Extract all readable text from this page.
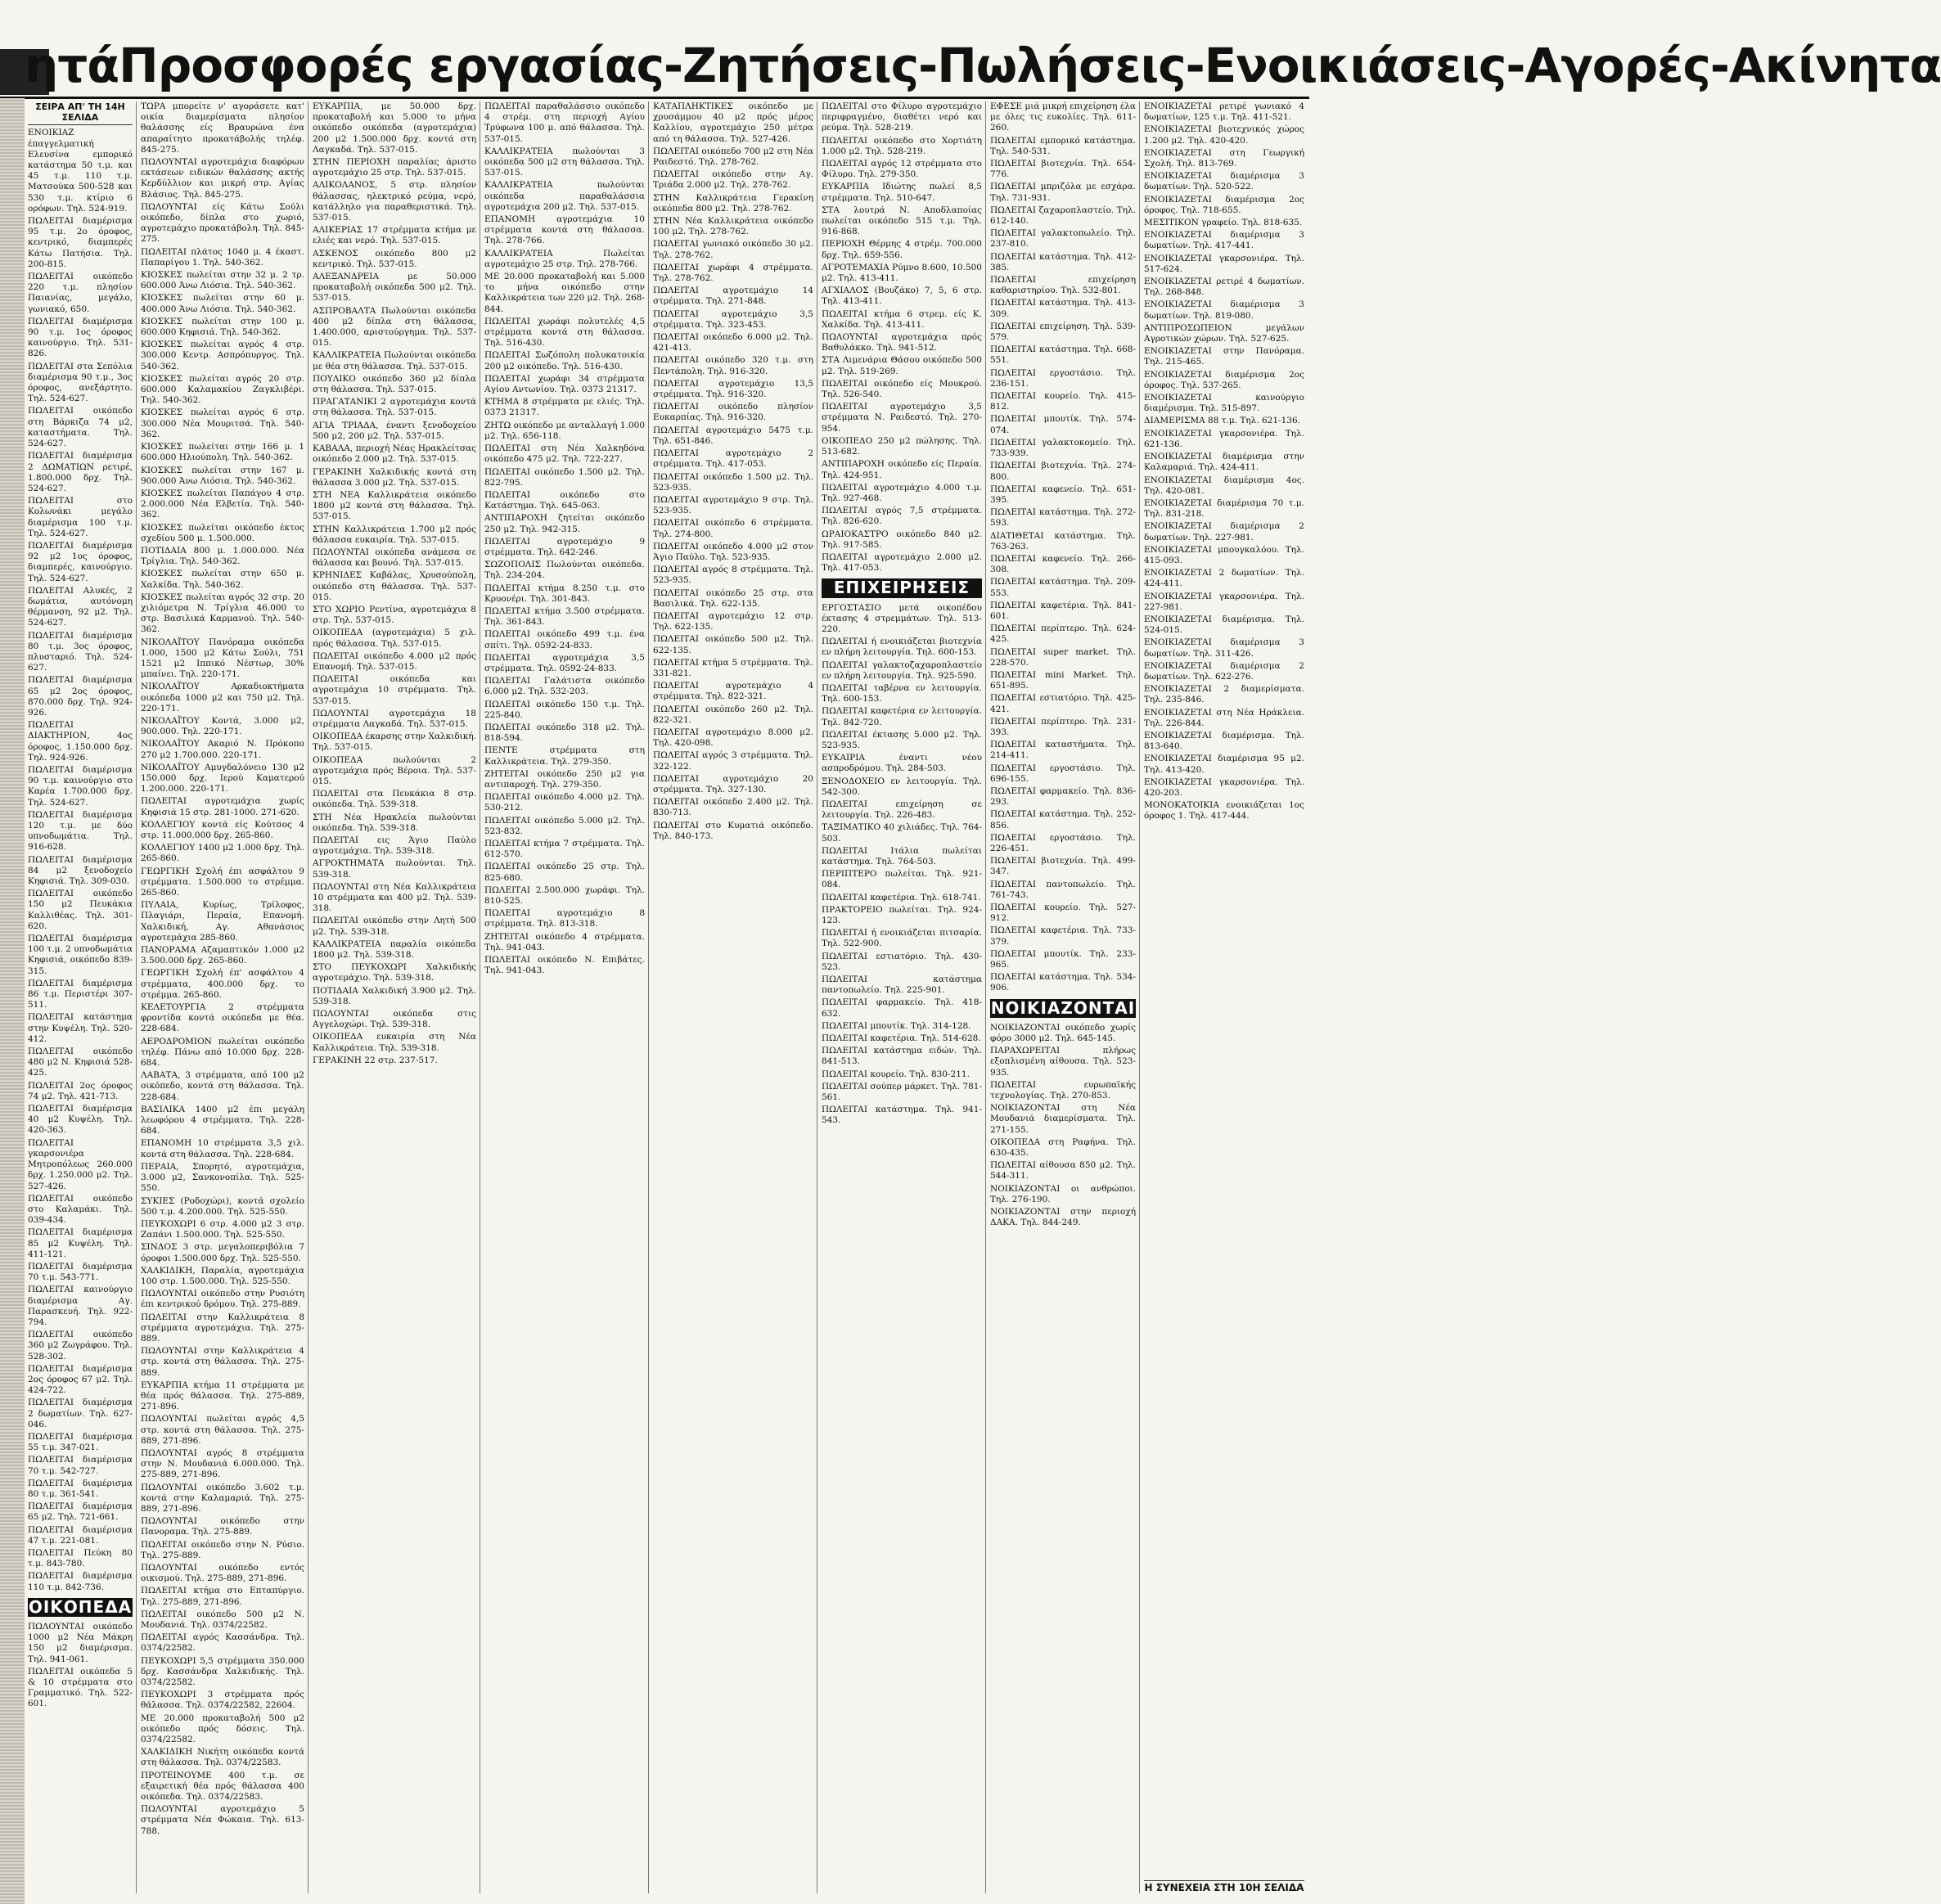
ητάΠροσφορές εργασίας-Ζητήσεις-Πωλήσεις-Ενοικιάσεις-Αγορές-Ακίνητα
ΣΕΙΡΑ ΑΠ' ΤΗ 14Η ΣΕΛΙΔΑ

ΕΝΟΙΚΙΑΖ έπαγγελματική Ελευσίνα εμπορικό κατάστημα 50 τ.μ. και 45 τ.μ. 110 τ.μ. Ματσούκα 500-528 και 530 τ.μ. κτίριο 6 ορόφων. Τηλ. 524-919.

ΠΩΛΕΙΤΑΙ διαμέρισμα 95 τ.μ. 2ο όροφος, κεντρικό, διαμπερές Κάτω Πατήσια. Τηλ. 200-815.

ΠΩΛΕΙΤΑΙ οικόπεδο 220 τ.μ. πλησίον Παιανίας, μεγάλο, γωνιακό, 650.

ΠΩΛΕΙΤΑΙ διαμέρισμα 90 τ.μ. 1ος όροφος καινούργιο. Τηλ. 531-826.

ΠΩΛΕΙΤΑΙ στα Σεπόλια διαμέρισμα 90 τ.μ., 3ος όροφος, ανεξάρτητο. Τηλ. 524-627.

ΠΩΛΕΙΤΑΙ οικόπεδο στη Βάρκιζα 74 μ2, καταστήματα. Τηλ. 524-627.

ΠΩΛΕΙΤΑΙ διαμέρισμα 2 ΔΩΜΑΤΙΩΝ ρετιρέ, 1.800.000 δρχ. Τηλ. 524-627.

ΠΩΛΕΙΤΑΙ στο Κολωνάκι μεγάλο διαμέρισμα 100 τ.μ. Τηλ. 524-627.

ΠΩΛΕΙΤΑΙ διαμέρισμα 92 μ2 1ος όροφος, διαμπερές, καινούργιο. Τηλ. 524-627.

ΠΩΛΕΙΤΑΙ Αλυκές, 2 δωμάτια, αυτόνομη θέρμανση, 92 μ2. Τηλ. 524-627.

ΠΩΛΕΙΤΑΙ διαμέρισμα 80 τ.μ. 3ος όροφος, πλυσταριό. Τηλ. 524-627.

ΠΩΛΕΙΤΑΙ διαμέρισμα 65 μ2 2ος όροφος, 870.000 δρχ. Τηλ. 924-926.

ΠΩΛΕΙΤΑΙ ΔΙΑΚΤΗΡΙΟΝ, 4ος όροφος, 1.150.000 δρχ. Τηλ. 924-926.

ΠΩΛΕΙΤΑΙ διαμέρισμα 90 τ.μ. καινούργιο στο Καρέα 1.700.000 δρχ. Τηλ. 524-627.

ΠΩΛΕΙΤΑΙ διαμέρισμα 120 τ.μ. με δύο υπνοδωμάτια. Τηλ. 916-628.

ΠΩΛΕΙΤΑΙ διαμέρισμα 84 μ2 ξενοδοχείο Κηφισιά. Τηλ. 309-030.

ΠΩΛΕΙΤΑΙ οικόπεδο 150 μ2 Πευκάκια Καλλιθέας. Τηλ. 301-620.

ΠΩΛΕΙΤΑΙ διαμέρισμα 100 τ.μ. 2 υπνοδωμάτια Κηφισιά, οικόπεδο 839-315.

ΠΩΛΕΙΤΑΙ διαμέρισμα 86 τ.μ. Περιστέρι 307-511.

ΠΩΛΕΙΤΑΙ κατάστημα στην Κυψέλη. Τηλ. 520-412.

ΠΩΛΕΙΤΑΙ οικόπεδο 480 μ2 Ν. Κηφισιά 528-425.

ΠΩΛΕΙΤΑΙ 2ος όροφος 74 μ2. Τηλ. 421-713.

ΠΩΛΕΙΤΑΙ διαμέρισμα 40 μ2 Κυψέλη. Τηλ. 420-363.

ΠΩΛΕΙΤΑΙ γκαρσονιέρα Μητροπόλεως 260.000 δρχ. 1.250.000 μ2. Τηλ. 527-426.

ΠΩΛΕΙΤΑΙ οικόπεδο στο Καλαμάκι. Τηλ. 039-434.

ΠΩΛΕΙΤΑΙ διαμέρισμα 85 μ2 Κυψέλη. Τηλ. 411-121.

ΠΩΛΕΙΤΑΙ διαμέρισμα 70 τ.μ. 543-771.

ΠΩΛΕΙΤΑΙ καινούργιο διαμέρισμα Αγ. Παρασκευή. Τηλ. 922-794.

ΠΩΛΕΙΤΑΙ οικόπεδο 360 μ2 Ζωγράφου. Τηλ. 528-302.

ΠΩΛΕΙΤΑΙ διαμέρισμα 2ος όροφος 67 μ2. Τηλ. 424-722.

ΠΩΛΕΙΤΑΙ διαμέρισμα 2 δωματίων. Τηλ. 627-046.

ΠΩΛΕΙΤΑΙ διαμέρισμα 55 τ.μ. 347-021.

ΠΩΛΕΙΤΑΙ διαμέρισμα 70 τ.μ. 542-727.

ΠΩΛΕΙΤΑΙ διαμέρισμα 80 τ.μ. 361-541.

ΠΩΛΕΙΤΑΙ διαμέρισμα 65 μ2. Τηλ. 721-661.

ΠΩΛΕΙΤΑΙ διαμέρισμα 47 τ.μ. 221-081.

ΠΩΛΕΙΤΑΙ Πεύκη 80 τ.μ. 843-780.

ΠΩΛΕΙΤΑΙ διαμέρισμα 110 τ.μ. 842-736.

ΟΙΚΟΠΕΔΑ

ΠΩΛΟΥΝΤΑΙ οικόπεδο 1000 μ2 Νέα Μάκρη 150 μ2 διαμέρισμα. Τηλ. 941-061.

ΠΩΛΕΙΤΑΙ οικόπεδα 5 & 10 στρέμματα στο Γραμματικό. Τηλ. 522-601.

ΤΩΡΑ μπορείτε ν' αγοράσετε κατ' οικία διαμερίσματα πλησίον θαλάσσης είς Βραυρώνα ένα απαραίτητο προκατάβολής τηλέφ. 845-275.

ΠΩΛΟΥΝΤΑΙ αγροτεμάχια διαφόρων εκτάσεων ειδικών θαλάσσης ακτής Κερδύλλιον και μικρή στρ. Αγίας Βλάσιος. Τηλ. 845-275.

ΠΩΛΟΥΝΤΑΙ είς Κάτω Σούλι οικόπεδο, δίπλα στο χωριό, αγροτεμάχιο προκατάβολη. Τηλ. 845-275.

ΠΩΛΕΙΤΑΙ πλάτος 1040 μ. 4 έκαστ. Παπαρίγου 1. Τηλ. 540-362.

ΚΙΟΣΚΕΣ πωλείται στην 32 μ. 2 τρ. 600.000 Άνω Λιόσια. Τηλ. 540-362.

ΚΙΟΣΚΕΣ πωλείται στην 60 μ. 400.000 Άνω Λιόσια. Τηλ. 540-362.

ΚΙΟΣΚΕΣ πωλείται στην 100 μ. 600.000 Κηφισιά. Τηλ. 540-362.

ΚΙΟΣΚΕΣ πωλείται αγρός 4 στρ. 300.000 Κεντρ. Ασπρόπυργος. Τηλ. 540-362.

ΚΙΟΣΚΕΣ πωλείται αγρός 20 στρ. 600.000 Καλαμακίου Ζαγκλιβέρι. Τηλ. 540-362.

ΚΙΟΣΚΕΣ πωλείται αγρός 6 στρ. 300.000 Νέα Μουριτσά. Τηλ. 540-362.

ΚΙΟΣΚΕΣ πωλείται στην 166 μ. 1 600.000 Ηλιούπολη. Τηλ. 540-362.

ΚΙΟΣΚΕΣ πωλείται στην 167 μ. 900.000 Άνω Λιόσια. Τηλ. 540-362.

ΚΙΟΣΚΕΣ πωλείται Παπάγου 4 στρ. 2.000.000 Νέα Ελβετία. Τηλ. 540-362.

ΚΙΟΣΚΕΣ πωλείται οικόπεδο έκτος σχεδίου 500 μ. 1.500.000.

ΠΟΤΙΔΑΙΑ 800 μ. 1.000.000. Νέα Τρίγλια. Τηλ. 540-362.

ΚΙΟΣΚΕΣ πωλείται στην 650 μ. Χαλκίδα. Τηλ. 540-362.

ΚΙΟΣΚΕΣ πωλείται αγρός 32 στρ. 20 χιλιόμετρα Ν. Τρίγλια 46.000 το στρ. Βασιλικά Καρμανού. Τηλ. 540-362.

ΝΙΚΟΛΑΪΤΟΥ Πανόραμα οικόπεδα 1.000, 1500 μ2 Κάτω Σούλι, 751 1521 μ2 Ιππικό Νέστωρ, 30% μπαίνει. Τηλ. 220-171.

ΝΙΚΟΛΑΪΤΟΥ Αρκαδιοκτήματα οικόπεδα 1000 μ2 και 750 μ2. Τηλ. 220-171.

ΝΙΚΟΛΑΪΤΟΥ Κοντά, 3.000 μ2, 900.000. Τηλ. 220-171.

ΝΙΚΟΛΑΪΤΟΥ Ακαριό Ν. Πρόκοπο 270 μ2 1.700.000. 220-171.

ΝΙΚΟΛΑΪΤΟΥ Αμυγδαλόνειο 130 μ2 150.000 δρχ. Ιερού Καματερού 1.200.000. 220-171.

ΠΩΛΕΙΤΑΙ αγροτεμάχια χωρίς Κηφισιά 15 στρ. 281-1000. 271-620.

ΚΟΛΛΕΓΙΟΥ κοντά είς Κούτσος 4 στρ. 11.000.000 δρχ. 265-860.

ΚΟΛΛΕΓΙΟΥ 1400 μ2 1.000 δρχ. Τηλ. 265-860.

ΓΕΩΡΓΙΚΗ Σχολή έπι ασφάλτου 9 στρέμματα. 1.500.000 το στρέμμα. 265-860.

ΠΥΛΑΙΑ, Κυρίως, Τρίλοφος, Πλαγιάρι, Περαία, Επανομή. Χαλκιδική, Αγ. Αθανάσιος αγροτεμάχια 285-860.

ΠΑΝΟΡΑΜΑ Αζαμαπτικόν 1.000 μ2 3.500.000 δρχ. 265-860.

ΓΕΩΡΓΙΚΗ Σχολή έπ' ασφάλτου 4 στρέμματα, 400.000 δρχ. το στρέμμα. 265-860.

ΚΕΛΕΤΟΥΡΓΙΑ 2 στρέμματα φροντίδα κοντά οικόπεδα με θέα. 228-684.

ΑΕΡΟΔΡΟΜΙΟΝ πωλείται οικόπεδο τηλέφ. Πάνω από 10.000 δρχ. 228-684.

ΛΑΒΑΤΑ, 3 στρέμματα, από 100 μ2 οικόπεδο, κοντά στη θάλασσα. Τηλ. 228-684.

ΒΑΣΙΛΙΚΑ 1400 μ2 έπι μεγάλη λεωφόρου 4 στρέμματα. Τηλ. 228-684.

ΕΠΑΝΟΜΗ 10 στρέμματα 3,5 χιλ. κοντά στη θάλασσα. Τηλ. 228-684.

ΠΕΡΑΙΑ, Σπορητό, αγροτεμάχια, 3.000 μ2, Σανκονοπίλα. Τηλ. 525-550.

ΣΥΚΙΕΣ (Ροδοχώρι), κοντά σχολείο 500 τ.μ. 4.200.000. Τηλ. 525-550.

ΠΕΥΚΟΧΩΡΙ 6 στρ. 4.000 μ2 3 στρ. Ζαπάνι 1.500.000. Τηλ. 525-550.

ΣΙΝΔΟΣ 3 στρ. μεγαλοπεριβόλια 7 όροφοι 1.500.000 δρχ. Τηλ. 525-550.

ΧΑΛΚΙΔΙΚΗ, Παραλία, αγροτεμάχια 100 στρ. 1.500.000. Τηλ. 525-550.

ΠΩΛΟΥΝΤΑΙ οικόπεδο στην Ρυσιότη έπι κεντρικού δρόμου. Τηλ. 275-889.

ΠΩΛΕΙΤΑΙ στην Καλλικράτεια 8 στρέμματα αγροτεμάχια. Τηλ. 275-889.

ΠΩΛΟΥΝΤΑΙ στην Καλλικράτεια 4 στρ. κοντά στη θάλασσα. Τηλ. 275-889.

ΕΥΚΑΡΠΙΑ κτήμα 11 στρέμματα με θέα πρός θάλασσα. Τηλ. 275-889, 271-896.

ΠΩΛΟΥΝΤΑΙ πωλείται αγρός 4,5 στρ. κοντά στη θάλασσα. Τηλ. 275-889, 271-896.

ΠΩΛΟΥΝΤΑΙ αγρός 8 στρέμματα στην Ν. Μουδανιά 6.000.000. Τηλ. 275-889, 271-896.

ΠΩΛΟΥΝΤΑΙ οικόπεδο 3.602 τ.μ. κοντά στην Καλαμαριά. Τηλ. 275-889, 271-896.

ΠΩΛΟΥΝΤΑΙ οικόπεδο στην Πανοραμα. Τηλ. 275-889.

ΠΩΛΕΙΤΑΙ οικόπεδο στην Ν. Ρύσιο. Τηλ. 275-889.

ΠΩΛΟΥΝΤΑΙ οικόπεδο εντός οικισμού. Τηλ. 275-889, 271-896.

ΠΩΛΕΙΤΑΙ κτήμα στο Επταπύργιο. Τηλ. 275-889, 271-896.

ΠΩΛΕΙΤΑΙ οικόπεδο 500 μ2 Ν. Μουδανιά. Τηλ. 0374/22582.

ΠΩΛΕΙΤΑΙ αγρός Κασσάνδρα. Τηλ. 0374/22582.

ΠΕΥΚΟΧΩΡΙ 5,5 στρέμματα 350.000 δρχ. Κασσάνδρα Χαλκιδικής. Τηλ. 0374/22582.

ΠΕΥΚΟΧΩΡΙ 3 στρέμματα πρός θάλασσα. Τηλ. 0374/22582, 22604.

ΜΕ 20.000 προκαταβολή 500 μ2 οικόπεδο πρός δόσεις. Τηλ. 0374/22582.

ΧΑΛΚΙΔΙΚΗ Νικήτη οικόπεδα κοντά στη θάλασσα. Τηλ. 0374/22583.

ΠΡΟΤΕΙΝΟΥΜΕ 400 τ.μ. σε εξαιρετική θέα πρός θάλασσα 400 οικόπεδα. Τηλ. 0374/22583.

ΠΩΛΟΥΝΤΑΙ αγροτεμάχιο 5 στρέμματα Νέα Φώκαια. Τηλ. 613-788.

ΕΥΚΑΡΠΙΑ, με 50.000 δρχ. προκαταβολή και 5.000 το μήνα οικόπεδο οικόπεδα (αγροτεμάχια) 200 μ2 1.500.000 δρχ. κοντά στη Λαγκαδά. Τηλ. 537-015.

ΣΤΗΝ ΠΕΡΙΟΧΗ παραλίας άριστο αγροτεμάχιο 25 στρ. Τηλ. 537-015.

ΑΛΙΚΟΛΑΝΟΣ, 5 στρ. πλησίον θάλασσας, ηλεκτρικό ρεύμα, νερό, κατάλληλο για παραθεριστικά. Τηλ. 537-015.

ΑΛΙΚΕΡΙΑΣ 17 στρέμματα κτήμα με ελιές και νερό. Τηλ. 537-015.

ΑΣΚΕΝΟΣ οικόπεδο 800 μ2 κεντρικό. Τηλ. 537-015.

ΑΛΕΞΑΝΔΡΕΙΑ με 50.000 προκαταβολή οικόπεδα 500 μ2. Τηλ. 537-015.

ΑΣΠΡΟΒΑΛΤΑ Πωλούνται οικόπεδα 400 μ2 δίπλα στη θάλασσα, 1.400.000, αριστούργημα. Τηλ. 537-015.

ΚΑΛΛΙΚΡΑΤΕΙΑ Πωλούνται οικόπεδα με θέα στη θάλασσα. Τηλ. 537-015.

ΠΟΥΛΙΚΟ οικόπεδο 360 μ2 δίπλα στη θάλασσα. Τηλ. 537-015.

ΠΡΑΓΑΤΑΝΙΚΙ 2 αγροτεμάχια κοντά στη θάλασσα. Τηλ. 537-015.

ΑΓΙΑ ΤΡΙΑΔΑ, έναντι ξενοδοχείου 500 μ2, 200 μ2. Τηλ. 537-015.

ΚΑΒΑΛΑ, περιοχή Νέας Ηρακλείτσας οικόπεδο 2.000 μ2. Τηλ. 537-015.

ΓΕΡΑΚΙΝΗ Χαλκιδικής κοντά στη θάλασσα 3.000 μ2. Τηλ. 537-015.

ΣΤΗ ΝΕΑ Καλλικράτεια οικόπεδο 1800 μ2 κοντά στη θάλασσα. Τηλ. 537-015.

ΣΤΗΝ Καλλικράτεια 1.700 μ2 πρός θάλασσα ευκαιρία. Τηλ. 537-015.

ΠΩΛΟΥΝΤΑΙ οικόπεδα ανάμεσα σε θάλασσα και βουνό. Τηλ. 537-015.

ΚΡΗΝΙΔΕΣ Καβάλας, Χρυσούπολη, οικόπεδο στη θάλασσα. Τηλ. 537-015.

ΣΤΟ ΧΩΡΙΟ Ρεντίνα, αγροτεμάχια 8 στρ. Τηλ. 537-015.

ΟΙΚΟΠΕΔΑ (αγροτεμάχια) 5 χιλ. πρός θάλασσα. Τηλ. 537-015.

ΠΩΛΕΙΤΑΙ οικόπεδο 4.000 μ2 πρός Επανομή. Τηλ. 537-015.

ΠΩΛΕΙΤΑΙ οικόπεδα και αγροτεμάχια 10 στρέμματα. Τηλ. 537-015.

ΠΩΛΟΥΝΤΑΙ αγροτεμάχια 18 στρέμματα Λαγκαδά. Τηλ. 537-015.

ΟΙΚΟΠΕΔΑ έκαρσης στην Χαλκιδική. Τηλ. 537-015.

ΟΙΚΟΠΕΔΑ πωλούνται 2 αγροτεμάχια πρός Βέροια. Τηλ. 537-015.

ΠΩΛΕΙΤΑΙ στα Πευκάκια 8 στρ. οικόπεδα. Τηλ. 539-318.

ΣΤΗ Νέα Ηρακλεία πωλούνται οικόπεδα. Τηλ. 539-318.

ΠΩΛΕΙΤΑΙ εις Άγιο Παύλο αγροτεμάχια. Τηλ. 539-318.

ΑΓΡΟΚΤΗΜΑΤΑ πωλούνται. Τηλ. 539-318.

ΠΩΛΟΥΝΤΑΙ στη Νέα Καλλικράτεια 10 στρέμματα και 400 μ2. Τηλ. 539-318.

ΠΩΛΕΙΤΑΙ οικόπεδο στην Λητή 500 μ2. Τηλ. 539-318.

ΚΑΛΛΙΚΡΑΤΕΙΑ παραλία οικόπεδα 1800 μ2. Τηλ. 539-318.

ΣΤΟ ΠΕΥΚΟΧΩΡΙ Χαλκιδικής αγροτεμάχιο. Τηλ. 539-318.

ΠΟΤΙΔΑΙΑ Χαλκιδική 3.900 μ2. Τηλ. 539-318.

ΠΩΛΟΥΝΤΑΙ οικόπεδα στις Αγγελοχώρι. Τηλ. 539-318.

ΟΙΚΟΠΕΔΑ ευκαιρία στη Νέα Καλλικράτεια. Τηλ. 539-318.

ΓΕΡΑΚΙΝΗ 22 στρ. 237-517.

ΠΩΛΕΙΤΑΙ παραθαλάσσιο οικόπεδο 4 στρέμ. στη περιοχή Αγίου Τρύφωνα 100 μ. από θάλασσα. Τηλ. 537-015.

ΚΑΛΛΙΚΡΑΤΕΙΑ πωλούνται 3 οικόπεδα 500 μ2 στη θάλασσα. Τηλ. 537-015.

ΚΑΛΛΙΚΡΑΤΕΙΑ πωλούνται οικόπεδα παραθαλάσσια αγροτεμάχια 200 μ2. Τηλ. 537-015.

ΕΠΑΝΟΜΗ αγροτεμάχια 10 στρέμματα κοντά στη θάλασσα. Τηλ. 278-766.

ΚΑΛΛΙΚΡΑΤΕΙΑ Πωλείται αγροτεμάχιο 25 στρ. Τηλ. 278-766.

ΜΕ 20.000 προκαταβολή και 5.000 το μήνα οικόπεδο στην Καλλικράτεια των 220 μ2. Τηλ. 268-844.

ΠΩΛΕΙΤΑΙ χωράφι πολυτελές 4,5 στρέμματα κοντά στη θάλασσα. Τηλ. 516-430.

ΠΩΛΕΙΤΑΙ Σωζόπολη πολυκατοικία 200 μ2 οικόπεδο. Τηλ. 516-430.

ΠΩΛΕΙΤΑΙ χωράφι 34 στρέμματα Αγίου Αντωνίου. Τηλ. 0373 21317.

ΚΤΗΜΑ 8 στρέμματα με ελιές. Τηλ. 0373 21317.

ΖΗΤΩ οικόπεδο με ανταλλαγή 1.000 μ2. Τηλ. 656-118.

ΠΩΛΕΙΤΑΙ στη Νέα Χαλκηδόνα οικόπεδο 475 μ2. Τηλ. 722-227.

ΠΩΛΕΙΤΑΙ οικόπεδο 1.500 μ2. Τηλ. 822-795.

ΠΩΛΕΙΤΑΙ οικόπεδο στο Κατάστημα. Τηλ. 645-063.

ΑΝΤΙΠΑΡΟΧΗ ζητείται οικόπεδο 250 μ2. Τηλ. 942-315.

ΠΩΛΕΙΤΑΙ αγροτεμάχιο 9 στρέμματα. Τηλ. 642-246.

ΣΩΖΟΠΟΛΙΣ Πωλούνται οικόπεδα. Τηλ. 234-204.

ΠΩΛΕΙΤΑΙ κτήμα 8.250 τ.μ. στο Κρυονέρι. Τηλ. 301-843.

ΠΩΛΕΙΤΑΙ κτήμα 3.500 στρέμματα. Τηλ. 361-843.

ΠΩΛΕΙΤΑΙ οικόπεδο 499 τ.μ. ένα σπίτι. Τηλ. 0592-24-833.

ΠΩΛΕΙΤΑΙ αγροτεμάχια 3,5 στρέμματα. Τηλ. 0592-24-833.

ΠΩΛΕΙΤΑΙ Γαλάτιστα οικόπεδο 6.000 μ2. Τηλ. 532-203.

ΠΩΛΕΙΤΑΙ οικόπεδο 150 τ.μ. Τηλ. 225-840.

ΠΩΛΕΙΤΑΙ οικόπεδο 318 μ2. Τηλ. 818-594.

ΠΕΝΤΕ στρέμματα στη Καλλικράτεια. Τηλ. 279-350.

ΖΗΤΕΙΤΑΙ οικόπεδο 250 μ2 για αντιπαροχή. Τηλ. 279-350.

ΠΩΛΕΙΤΑΙ οικόπεδο 4.000 μ2. Τηλ. 530-212.

ΠΩΛΕΙΤΑΙ οικόπεδο 5.000 μ2. Τηλ. 523-832.

ΠΩΛΕΙΤΑΙ κτήμα 7 στρέμματα. Τηλ. 612-570.

ΠΩΛΕΙΤΑΙ οικόπεδο 25 στρ. Τηλ. 825-680.

ΠΩΛΕΙΤΑΙ 2.500.000 χωράφι. Τηλ. 810-525.

ΠΩΛΕΙΤΑΙ αγροτεμάχιο 8 στρέμματα. Τηλ. 813-318.

ΖΗΤΕΙΤΑΙ οικόπεδο 4 στρέμματα. Τηλ. 941-043.

ΠΩΛΕΙΤΑΙ οικόπεδο Ν. Επιβάτες. Τηλ. 941-043.

ΚΑΤΑΠΛΗΚΤΙΚΕΣ οικόπεδο με χρυσάμμου 40 μ2 πρός μέρος Καλλίου, αγροτεμάχιο 250 μέτρα από τη θάλασσα. Τηλ. 527-426.

ΠΩΛΕΙΤΑΙ οικόπεδο 700 μ2 στη Νέα Ραιδεστό. Τηλ. 278-762.

ΠΩΛΕΙΤΑΙ οικόπεδο στην Αγ. Τριάδα 2.000 μ2. Τηλ. 278-762.

ΣΤΗΝ Καλλικράτεια Γερακίνη οικόπεδα 800 μ2. Τηλ. 278-762.

ΣΤΗΝ Νέα Καλλικράτεια οικόπεδο 100 μ2. Τηλ. 278-762.

ΠΩΛΕΙΤΑΙ γωνιακό οικόπεδο 30 μ2. Τηλ. 278-762.

ΠΩΛΕΙΤΑΙ χωράφι 4 στρέμματα. Τηλ. 278-762.

ΠΩΛΕΙΤΑΙ αγροτεμάχιο 14 στρέμματα. Τηλ. 271-848.

ΠΩΛΕΙΤΑΙ αγροτεμάχιο 3,5 στρέμματα. Τηλ. 323-453.

ΠΩΛΕΙΤΑΙ οικόπεδο 6.000 μ2. Τηλ. 421-413.

ΠΩΛΕΙΤΑΙ οικόπεδο 320 τ.μ. στη Πεντάπολη. Τηλ. 916-320.

ΠΩΛΕΙΤΑΙ αγροτεμάχιο 13,5 στρέμματα. Τηλ. 916-320.

ΠΩΛΕΙΤΑΙ οικόπεδο πλησίον Ευκαρπίας. Τηλ. 916-320.

ΠΩΛΕΙΤΑΙ αγροτεμάχιο 5475 τ.μ. Τηλ. 651-846.

ΠΩΛΕΙΤΑΙ αγροτεμάχιο 2 στρέμματα. Τηλ. 417-053.

ΠΩΛΕΙΤΑΙ οικόπεδο 1.500 μ2. Τηλ. 523-935.

ΠΩΛΕΙΤΑΙ αγροτεμάχιο 9 στρ. Τηλ. 523-935.

ΠΩΛΕΙΤΑΙ οικόπεδο 6 στρέμματα. Τηλ. 274-800.

ΠΩΛΕΙΤΑΙ οικόπεδο 4.000 μ2 στον Άγιο Παύλο. Τηλ. 523-935.

ΠΩΛΕΙΤΑΙ αγρός 8 στρέμματα. Τηλ. 523-935.

ΠΩΛΕΙΤΑΙ οικόπεδο 25 στρ. στα Βασιλικά. Τηλ. 622-135.

ΠΩΛΕΙΤΑΙ αγροτεμάχιο 12 στρ. Τηλ. 622-135.

ΠΩΛΕΙΤΑΙ οικόπεδο 500 μ2. Τηλ. 622-135.

ΠΩΛΕΙΤΑΙ κτήμα 5 στρέμματα. Τηλ. 331-821.

ΠΩΛΕΙΤΑΙ αγροτεμάχιο 4 στρέμματα. Τηλ. 822-321.

ΠΩΛΕΙΤΑΙ οικόπεδο 260 μ2. Τηλ. 822-321.

ΠΩΛΕΙΤΑΙ αγροτεμάχιο 8.000 μ2. Τηλ. 420-098.

ΠΩΛΕΙΤΑΙ αγρός 3 στρέμματα. Τηλ. 322-122.

ΠΩΛΕΙΤΑΙ αγροτεμάχιο 20 στρέμματα. Τηλ. 327-130.

ΠΩΛΕΙΤΑΙ οικόπεδο 2.400 μ2. Τηλ. 830-713.

ΠΩΛΕΙΤΑΙ στο Κυματιά οικόπεδο. Τηλ. 840-173.

ΠΩΛΕΙΤΑΙ στο Φίλυρο αγροτεμάχιο περιφραγμένο, διαθέτει νερό και ρεύμα. Τηλ. 528-219.

ΠΩΛΕΙΤΑΙ οικόπεδο στο Χορτιάτη 1.000 μ2. Τηλ. 528-219.

ΠΩΛΕΙΤΑΙ αγρός 12 στρέμματα στο Φίλυρο. Τηλ. 279-350.

ΕΥΚΑΡΠΙΑ Ιδιώτης πωλεί 8,5 στρέμματα. Τηλ. 510-647.

ΣΤΑ λουτρά Ν. Αποδλαποίας πωλείται οικόπεδο 515 τ.μ. Τηλ. 916-868.

ΠΕΡΙΟΧΗ Θέρμης 4 στρέμ. 700.000 δρχ. Τηλ. 659-556.

ΑΓΡΟΤΕΜΑΧΙΑ Ρύμνο 8.600, 10.500 μ2. Τηλ. 413-411.

ΑΓΧΙΑΛΟΣ (Βουζάκο) 7, 5, 6 στρ. Τηλ. 413-411.

ΠΩΛΕΙΤΑΙ κτήμα 6 στρεμ. είς Κ. Χαλκίδα. Τηλ. 413-411.

ΠΩΛΟΥΝΤΑΙ αγροτεμάχια πρός Βαθυλάκκο. Τηλ. 941-512.

ΣΤΑ Λιμενάρια Θάσου οικόπεδο 500 μ2. Τηλ. 519-269.

ΠΩΛΕΙΤΑΙ οικόπεδο είς Μουκρού. Τηλ. 526-540.

ΠΩΛΕΙΤΑΙ αγροτεμάχιο 3,5 στρέμματα Ν. Ραιδεστό. Τηλ. 270-954.

ΟΙΚΟΠΕΔΟ 250 μ2 πώλησης. Τηλ. 513-682.

ΑΝΤΙΠΑΡΟΧΗ οικόπεδο είς Περαία. Τηλ. 424-951.

ΠΩΛΕΙΤΑΙ αγροτεμάχιο 4.000 τ.μ. Τηλ. 927-468.

ΠΩΛΕΙΤΑΙ αγρός 7,5 στρέμματα. Τηλ. 826-620.

ΩΡΑΙΟΚΑΣΤΡΟ οικόπεδο 840 μ2. Τηλ. 917-585.

ΠΩΛΕΙΤΑΙ αγροτεμάχιο 2.000 μ2. Τηλ. 417-053.

ΕΠΙΧΕΙΡΗΣΕΙΣ

ΕΡΓΟΣΤΑΣΙΟ μετά οικοπέδου έκτασης 4 στρεμμάτων. Τηλ. 513-220.

ΠΩΛΕΙΤΑΙ ή ενοικιάζεται βιοτεχνία εν πλήρη λειτουργία. Τηλ. 600-153.

ΠΩΛΕΙΤΑΙ γαλακτοζαχαροπλαστείο εν πλήρη λειτουργία. Τηλ. 925-590.

ΠΩΛΕΙΤΑΙ ταβέρνα εν λειτουργία. Τηλ. 600-153.

ΠΩΛΕΙΤΑΙ καφετέρια εν λειτουργία. Τηλ. 842-720.

ΠΩΛΕΙΤΑΙ έκτασης 5.000 μ2. Τηλ. 523-935.

ΕΥΚΑΙΡΙΑ έναντι νέου ασπροδρόμου. Τηλ. 284-503.

ΞΕΝΟΔΟΧΕΙΟ εν λειτουργία. Τηλ. 542-300.

ΠΩΛΕΙΤΑΙ επιχείρηση σε λειτουργία. Τηλ. 226-483.

ΤΑΞΙΜΑΤΙΚΟ 40 χιλιάδες. Τηλ. 764-503.

ΠΩΛΕΙΤΑΙ Ιτάλια πωλείται κατάστημα. Τηλ. 764-503.

ΠΕΡΙΠΤΕΡΟ πωλείται. Τηλ. 921-084.

ΠΩΛΕΙΤΑΙ καφετέρια. Τηλ. 618-741.

ΠΡΑΚΤΟΡΕΙΟ πωλείται. Τηλ. 924-123.

ΠΩΛΕΙΤΑΙ ή ενοικιάζεται πιτσαρία. Τηλ. 522-900.

ΠΩΛΕΙΤΑΙ εστιατόριο. Τηλ. 430-523.

ΠΩΛΕΙΤΑΙ κατάστημα παντοπωλείο. Τηλ. 225-901.

ΠΩΛΕΙΤΑΙ φαρμακείο. Τηλ. 418-632.

ΠΩΛΕΙΤΑΙ μπουτίκ. Τηλ. 314-128.

ΠΩΛΕΙΤΑΙ καφετέρια. Τηλ. 514-628.

ΠΩΛΕΙΤΑΙ κατάστημα ειδών. Τηλ. 841-513.

ΠΩΛΕΙΤΑΙ κουρείο. Τηλ. 830-211.

ΠΩΛΕΙΤΑΙ σούπερ μάρκετ. Τηλ. 781-561.

ΠΩΛΕΙΤΑΙ κατάστημα. Τηλ. 941-543.

ΕΦΕΣΕ μιά μικρή επιχείρηση έλα με όλες τις ευκολίες. Τηλ. 611-260.

ΠΩΛΕΙΤΑΙ εμπορικό κατάστημα. Τηλ. 540-531.

ΠΩΛΕΙΤΑΙ βιοτεχνία. Τηλ. 654-776.

ΠΩΛΕΙΤΑΙ μπριζόλα με εσχάρα. Τηλ. 731-931.

ΠΩΛΕΙΤΑΙ ζαχαροπλαστείο. Τηλ. 612-140.

ΠΩΛΕΙΤΑΙ γαλακτοπωλείο. Τηλ. 237-810.

ΠΩΛΕΙΤΑΙ κατάστημα. Τηλ. 412-385.

ΠΩΛΕΙΤΑΙ επιχείρηση καθαριστηρίου. Τηλ. 532-801.

ΠΩΛΕΙΤΑΙ κατάστημα. Τηλ. 413-309.

ΠΩΛΕΙΤΑΙ επιχείρηση. Τηλ. 539-579.

ΠΩΛΕΙΤΑΙ κατάστημα. Τηλ. 668-551.

ΠΩΛΕΙΤΑΙ εργοστάσιο. Τηλ. 236-151.

ΠΩΛΕΙΤΑΙ κουρείο. Τηλ. 415-812.

ΠΩΛΕΙΤΑΙ μπουτίκ. Τηλ. 574-074.

ΠΩΛΕΙΤΑΙ γαλακτοκομείο. Τηλ. 733-939.

ΠΩΛΕΙΤΑΙ βιοτεχνία. Τηλ. 274-800.

ΠΩΛΕΙΤΑΙ καφενείο. Τηλ. 651-395.

ΠΩΛΕΙΤΑΙ κατάστημα. Τηλ. 272-593.

ΔΙΑΤΙΘΕΤΑΙ κατάστημα. Τηλ. 763-263.

ΠΩΛΕΙΤΑΙ καφενείο. Τηλ. 266-308.

ΠΩΛΕΙΤΑΙ κατάστημα. Τηλ. 209-553.

ΠΩΛΕΙΤΑΙ καφετέρια. Τηλ. 841-601.

ΠΩΛΕΙΤΑΙ περίπτερο. Τηλ. 624-425.

ΠΩΛΕΙΤΑΙ super market. Τηλ. 228-570.

ΠΩΛΕΙΤΑΙ mini Market. Τηλ. 651-895.

ΠΩΛΕΙΤΑΙ εστιατόριο. Τηλ. 425-421.

ΠΩΛΕΙΤΑΙ περίπτερο. Τηλ. 231-393.

ΠΩΛΕΙΤΑΙ καταστήματα. Τηλ. 214-411.

ΠΩΛΕΙΤΑΙ εργοστάσιο. Τηλ. 696-155.

ΠΩΛΕΙΤΑΙ φαρμακείο. Τηλ. 836-293.

ΠΩΛΕΙΤΑΙ κατάστημα. Τηλ. 252-856.

ΠΩΛΕΙΤΑΙ εργοστάσιο. Τηλ. 226-451.

ΠΩΛΕΙΤΑΙ βιοτεχνία. Τηλ. 499-347.

ΠΩΛΕΙΤΑΙ παντοπωλείο. Τηλ. 761-743.

ΠΩΛΕΙΤΑΙ κουρείο. Τηλ. 527-912.

ΠΩΛΕΙΤΑΙ καφετέρια. Τηλ. 733-379.

ΠΩΛΕΙΤΑΙ μπουτίκ. Τηλ. 233-965.

ΠΩΛΕΙΤΑΙ κατάστημα. Τηλ. 534-906.

ΝΟΙΚΙΑΖΟΝΤΑΙ

ΝΟΙΚΙΑΖΟΝΤΑΙ οικόπεδο χωρίς φόρο 3000 μ2. Τηλ. 645-145.

ΠΑΡΑΧΩΡΕΙΤΑΙ πλήρως εξοπλισμένη αίθουσα. Τηλ. 523-935.

ΠΩΛΕΙΤΑΙ ευρωπαϊκής τεχνολογίας. Τηλ. 270-853.

ΝΟΙΚΙΑΖΟΝΤΑΙ στη Νέα Μουδανιά διαμερίσματα. Τηλ. 271-155.

ΟΙΚΟΠΕΔΑ στη Ραφήνα. Τηλ. 630-435.

ΠΩΛΕΙΤΑΙ αίθουσα 850 μ2. Τηλ. 544-311.

ΝΟΙΚΙΑΖΟΝΤΑΙ οι ανθρώποι. Τηλ. 276-190.

ΝΟΙΚΙΑΖΟΝΤΑΙ στην περιοχή ΔΑΚΑ. Τηλ. 844-249.

ΕΝΟΙΚΙΑΖΕΤΑΙ ρετιρέ γωνιακό 4 δωματίων, 125 τ.μ. Τηλ. 411-521.

ΕΝΟΙΚΙΑΖΕΤΑΙ βιοτεχνικός χώρος 1.200 μ2. Τηλ. 420-420.

ΕΝΟΙΚΙΑΖΕΤΑΙ στη Γεωργική Σχολή. Τηλ. 813-769.

ΕΝΟΙΚΙΑΖΕΤΑΙ διαμέρισμα 3 δωματίων. Τηλ. 520-522.

ΕΝΟΙΚΙΑΖΕΤΑΙ διαμέρισμα 2ος όροφος. Τηλ. 718-655.

ΜΕΣΙΤΙΚΟΝ γραφείο. Τηλ. 818-635.

ΕΝΟΙΚΙΑΖΕΤΑΙ διαμέρισμα 3 δωματίων. Τηλ. 417-441.

ΕΝΟΙΚΙΑΖΕΤΑΙ γκαρσονιέρα. Τηλ. 517-624.

ΕΝΟΙΚΙΑΖΕΤΑΙ ρετιρέ 4 δωματίων. Τηλ. 268-848.

ΕΝΟΙΚΙΑΖΕΤΑΙ διαμέρισμα 3 δωματίων. Τηλ. 819-080.

ΑΝΤΙΠΡΟΣΩΠΕΙΟΝ μεγάλων Αγροτικών χώρων. Τηλ. 527-625.

ΕΝΟΙΚΙΑΖΕΤΑΙ στην Πανόραμα. Τηλ. 215-465.

ΕΝΟΙΚΙΑΖΕΤΑΙ διαμέρισμα 2ος όροφος. Τηλ. 537-265.

ΕΝΟΙΚΙΑΖΕΤΑΙ καινούργιο διαμέρισμα. Τηλ. 515-897.

ΔΙΑΜΕΡΙΣΜΑ 88 τ.μ. Τηλ. 621-136.

ΕΝΟΙΚΙΑΖΕΤΑΙ γκαρσονιέρα. Τηλ. 621-136.

ΕΝΟΙΚΙΑΖΕΤΑΙ διαμέρισμα στην Καλαμαριά. Τηλ. 424-411.

ΕΝΟΙΚΙΑΖΕΤΑΙ διαμέρισμα 4ος. Τηλ. 420-081.

ΕΝΟΙΚΙΑΖΕΤΑΙ διαμέρισμα 70 τ.μ. Τηλ. 831-218.

ΕΝΟΙΚΙΑΖΕΤΑΙ διαμέρισμα 2 δωματίων. Τηλ. 227-981.

ΕΝΟΙΚΙΑΖΕΤΑΙ μπουγκαλόου. Τηλ. 415-093.

ΕΝΟΙΚΙΑΖΕΤΑΙ 2 δωματίων. Τηλ. 424-411.

ΕΝΟΙΚΙΑΖΕΤΑΙ γκαρσονιέρα. Τηλ. 227-981.

ΕΝΟΙΚΙΑΖΕΤΑΙ διαμέρισμα. Τηλ. 524-015.

ΕΝΟΙΚΙΑΖΕΤΑΙ διαμέρισμα 3 δωματίων. Τηλ. 311-426.

ΕΝΟΙΚΙΑΖΕΤΑΙ διαμέρισμα 2 δωματίων. Τηλ. 622-276.

ΕΝΟΙΚΙΑΖΕΤΑΙ 2 διαμερίσματα. Τηλ. 235-846.

ΕΝΟΙΚΙΑΖΕΤΑΙ στη Νέα Ηράκλεια. Τηλ. 226-844.

ΕΝΟΙΚΙΑΖΕΤΑΙ διαμέρισμα. Τηλ. 813-640.

ΕΝΟΙΚΙΑΖΕΤΑΙ διαμέρισμα 95 μ2. Τηλ. 413-420.

ΕΝΟΙΚΙΑΖΕΤΑΙ γκαρσονιέρα. Τηλ. 420-203.

ΜΟΝΟΚΑΤΟΙΚΙΑ ενοικιάζεται 1ος όροφος 1. Τηλ. 417-444.

Η ΣΥΝΕΧΕΙΑ ΣΤΗ 10Η ΣΕΛΙΔΑ
